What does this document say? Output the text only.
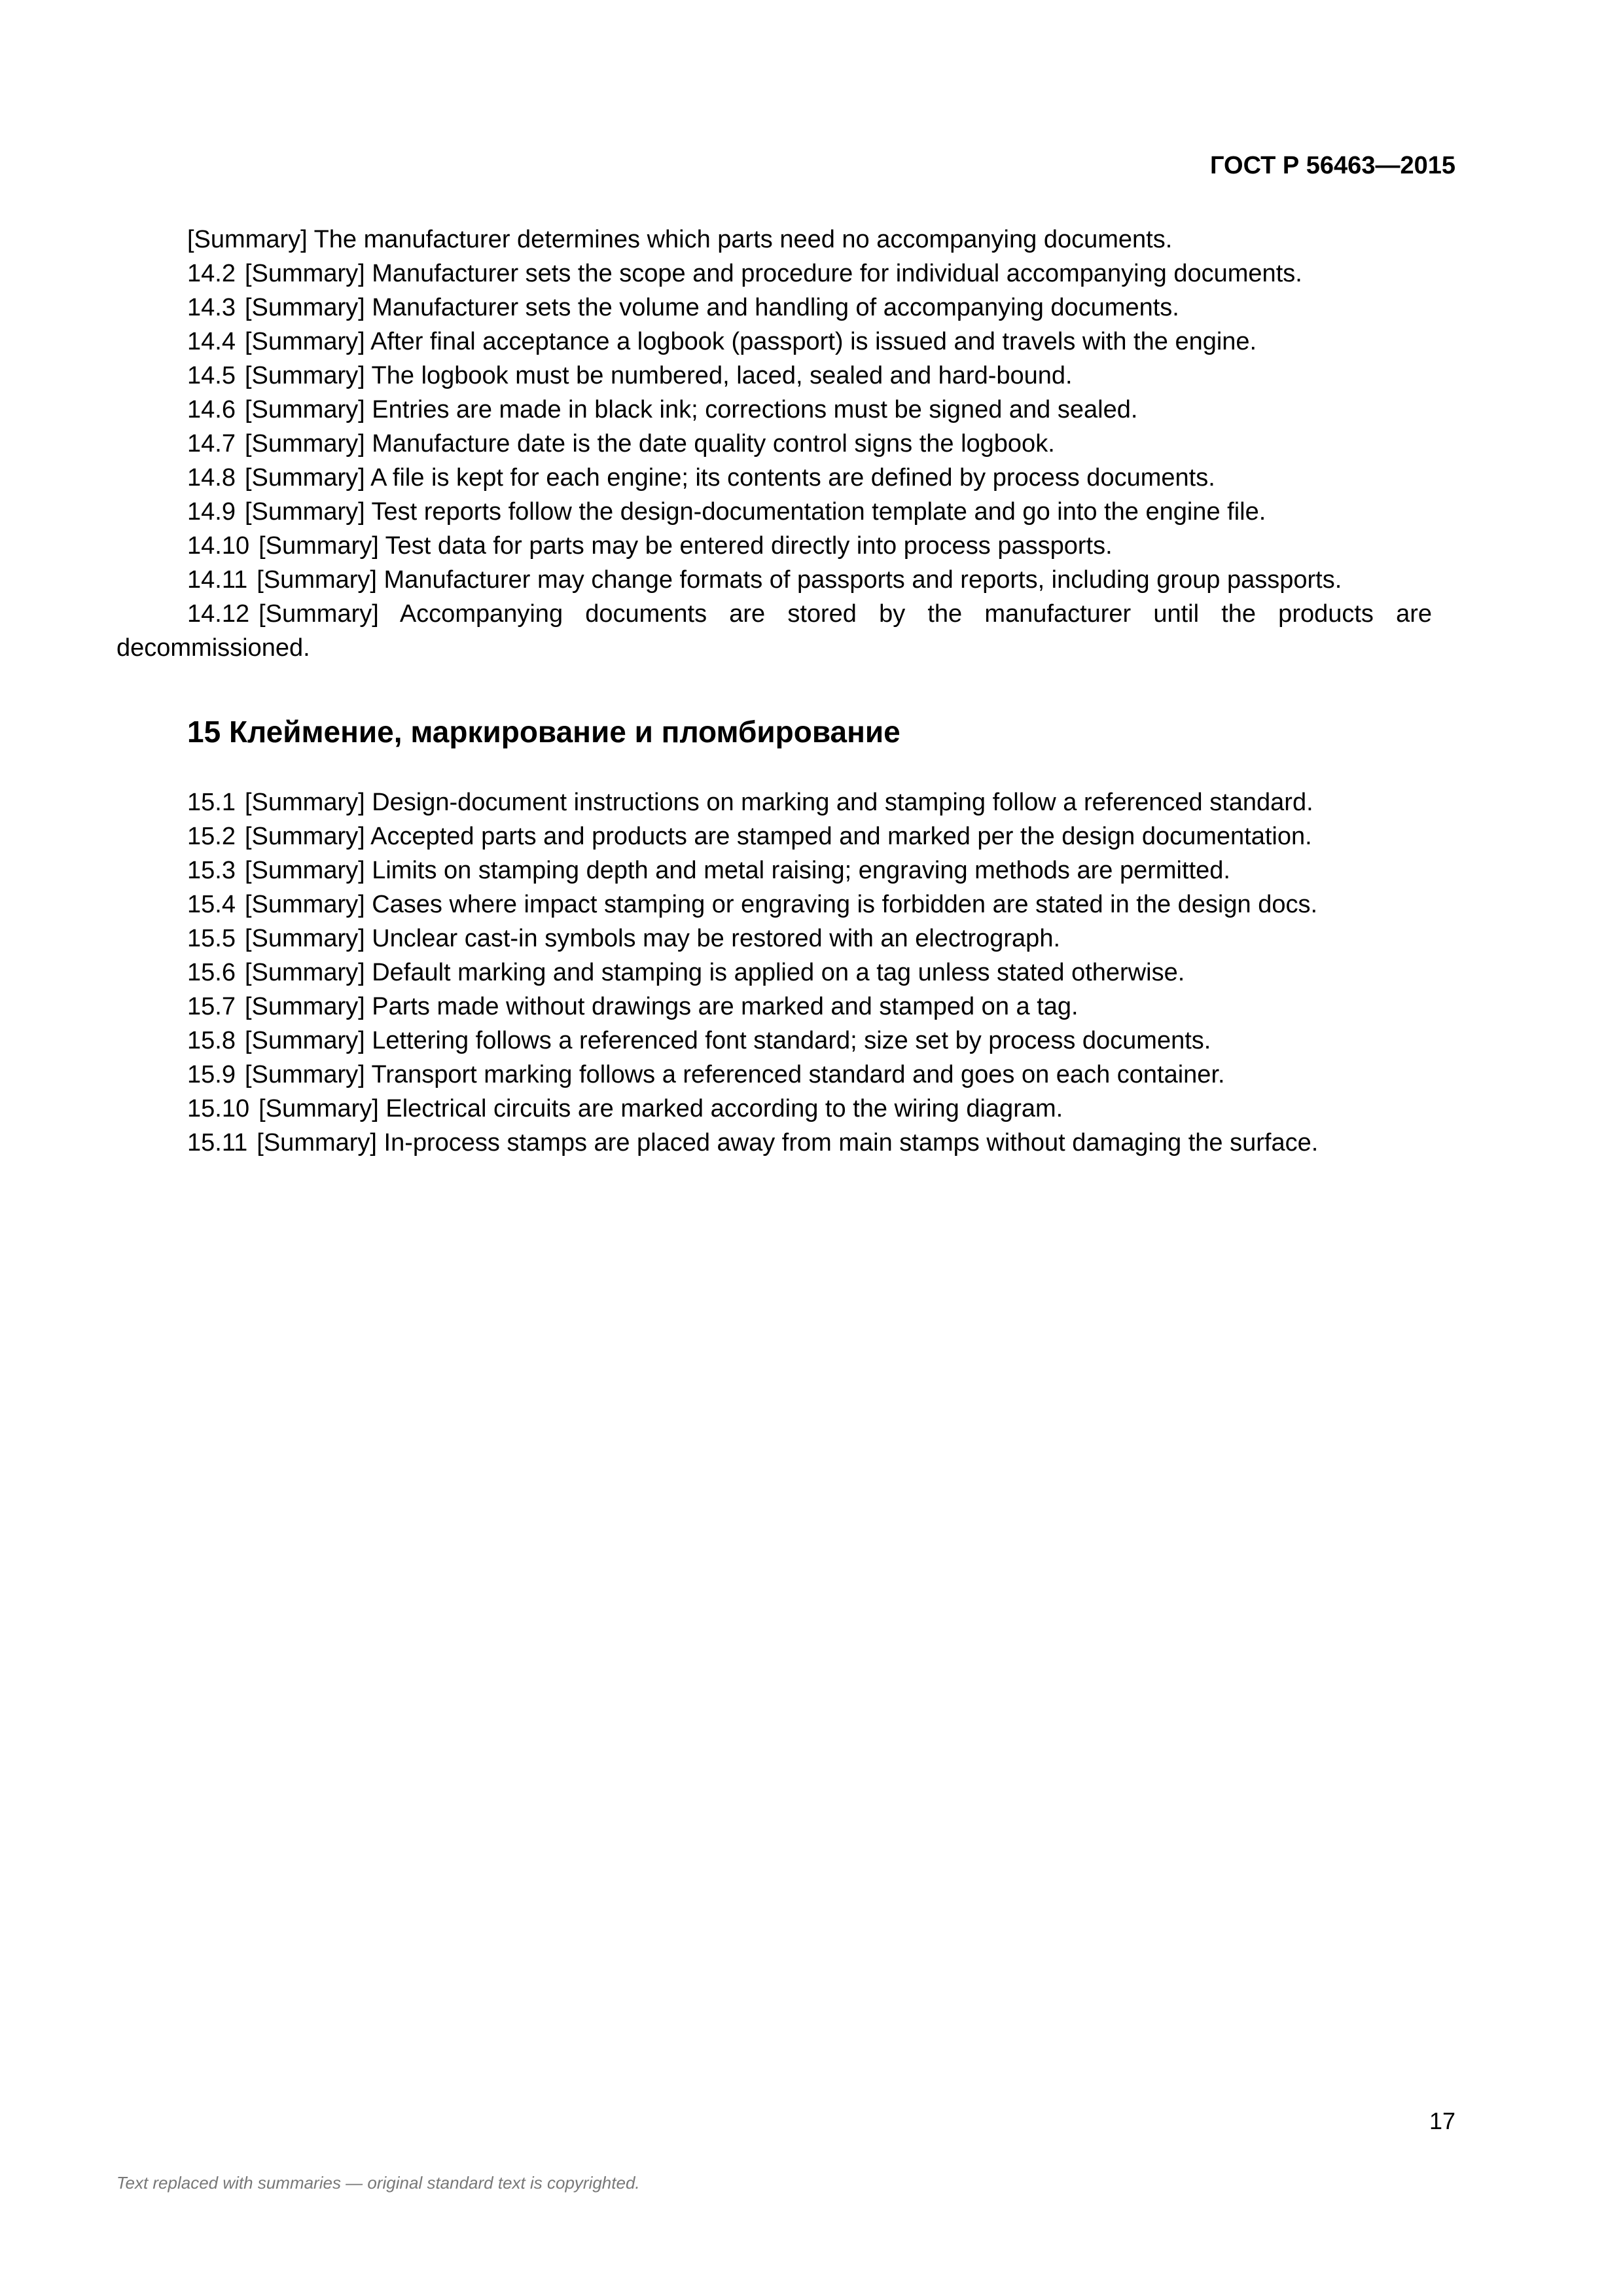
ГОСТ Р 56463—2015

[Summary] The manufacturer determines which parts need no accompanying documents.

14.2 [Summary] Manufacturer sets the scope and procedure for individual accompanying documents.

14.3 [Summary] Manufacturer sets the volume and handling of accompanying documents.

14.4 [Summary] After final acceptance a logbook (passport) is issued and travels with the engine.

14.5 [Summary] The logbook must be numbered, laced, sealed and hard-bound.

14.6 [Summary] Entries are made in black ink; corrections must be signed and sealed.

14.7 [Summary] Manufacture date is the date quality control signs the logbook.

14.8 [Summary] A file is kept for each engine; its contents are defined by process documents.

14.9 [Summary] Test reports follow the design-documentation template and go into the engine file.

14.10 [Summary] Test data for parts may be entered directly into process passports.

14.11 [Summary] Manufacturer may change formats of passports and reports, including group passports.

14.12 [Summary] Accompanying documents are stored by the manufacturer until the products are decommissioned.

15 Клеймение, маркирование и пломбирование

15.1 [Summary] Design-document instructions on marking and stamping follow a referenced standard.

15.2 [Summary] Accepted parts and products are stamped and marked per the design documentation.

15.3 [Summary] Limits on stamping depth and metal raising; engraving methods are permitted.

15.4 [Summary] Cases where impact stamping or engraving is forbidden are stated in the design docs.

15.5 [Summary] Unclear cast-in symbols may be restored with an electrograph.

15.6 [Summary] Default marking and stamping is applied on a tag unless stated otherwise.

15.7 [Summary] Parts made without drawings are marked and stamped on a tag.

15.8 [Summary] Lettering follows a referenced font standard; size set by process documents.

15.9 [Summary] Transport marking follows a referenced standard and goes on each container.

15.10 [Summary] Electrical circuits are marked according to the wiring diagram.

15.11 [Summary] In-process stamps are placed away from main stamps without damaging the surface.

17
Text replaced with summaries — original standard text is copyrighted.
